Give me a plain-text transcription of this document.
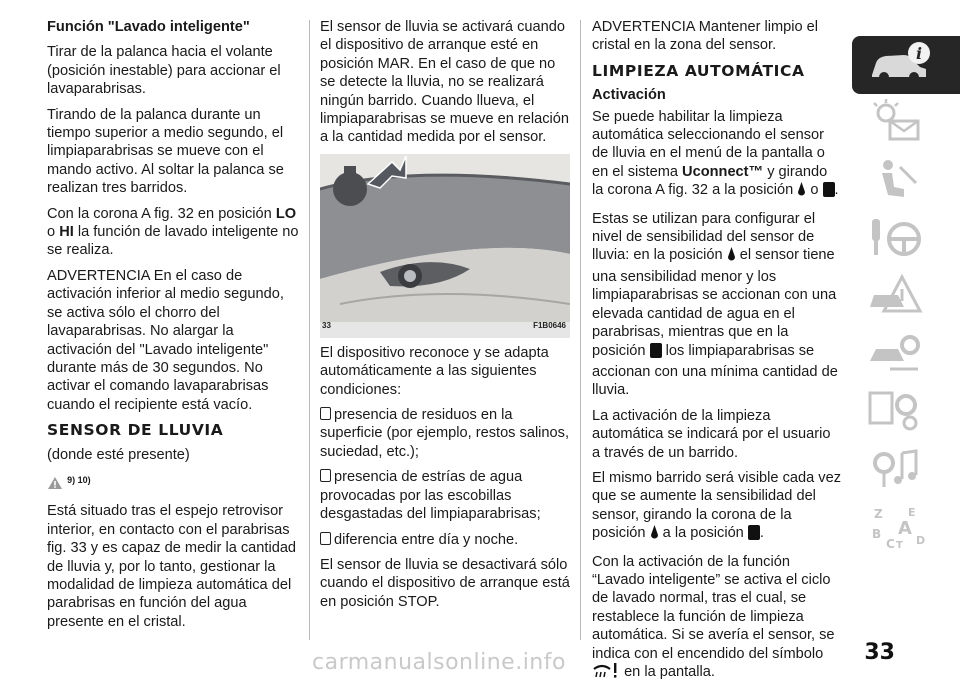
Función "Lavado inteligente"

Tirar de la palanca hacia el volante (posición inestable) para accionar el lavaparabrisas.

Tirando de la palanca durante un tiempo superior a medio segundo, el limpiaparabrisas se mueve con el mando activo. Al soltar la palanca se realizan tres barridos.

Con la corona A fig. 32 en posición LO
o HI la función de lavado inteligente no se realiza.

ADVERTENCIA En el caso de activación inferior al medio segundo, se activa sólo el chorro del lavaparabrisas. No alargar la activación del "Lavado inteligente" durante más de 30 segundos. No activar el comando lavaparabrisas cuando el recipiente está vacío.

SENSOR DE LLUVIA

(donde esté presente)

$^{9) 10)}$

Está situado tras el espejo retrovisor interior, en contacto con el parabrisas fig. 33 y es capaz de medir la cantidad de lluvia y, por lo tanto, gestionar la modalidad de limpieza automática del parabrisas en función del agua presente en el cristal.

El sensor de lluvia se activará cuando el dispositivo de arranque esté en posición MAR. En el caso de que no se detecte la lluvia, no se realizará ningún barrido. Cuando llueva, el limpiaparabrisas se mueve en relación a la cantidad medida por el sensor.

33	F1B0646

El dispositivo reconoce y se adapta automáticamente a las siguientes condiciones:

presencia de residuos en la superficie (por ejemplo, restos salinos, suciedad, etc.);

presencia de estrías de agua provocadas por las escobillas desgastadas del limpiaparabrisas;

diferencia entre día y noche.

El sensor de lluvia se desactivará sólo cuando el dispositivo de arranque está en posición STOP.

ADVERTENCIA Mantener limpio el cristal en la zona del sensor.

LIMPIEZA AUTOMÁTICA

Activación

Se puede habilitar la limpieza automática seleccionando el sensor de lluvia en el menú de la pantalla o en el sistema Uconnect™ y girando la corona A fig. 32 a la posición o .

Estas se utilizan para configurar el nivel de sensibilidad del sensor de lluvia: en la posición el sensor tiene una sensibilidad menor y los limpiaparabrisas se accionan con una elevada cantidad de agua en el parabrisas, mientras que en la posición los limpiaparabrisas se accionan con una mínima cantidad de lluvia.

La activación de la limpieza automática se indicará por el usuario a través de un barrido.

El mismo barrido será visible cada vez que se aumente la sensibilidad del sensor, girando la corona de la posición a la posición .

Con la activación de la función “Lavado inteligente” se activa el ciclo de lavado normal, tras el cual, se restablece la función de limpieza automática. Si se avería el sensor, se indica con el encendido del símbolo  en la pantalla.

i
Z E
B A
C T D
33
carmanualsonline.info
